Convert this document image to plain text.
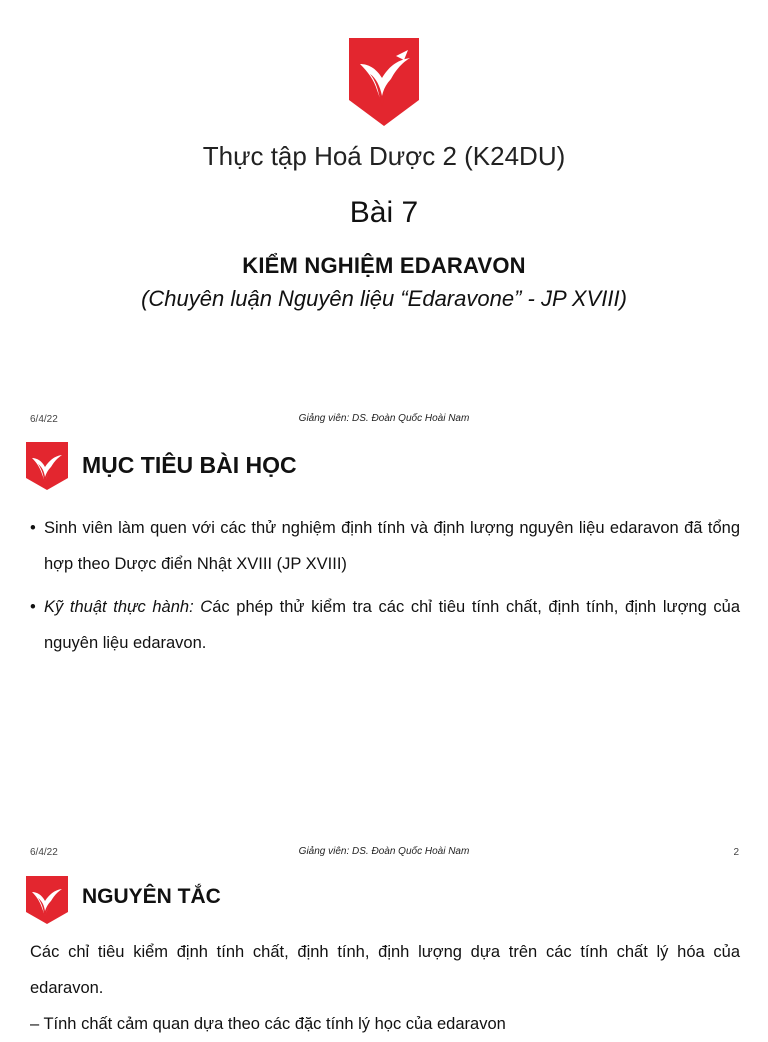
Thực tập Hoá Dược 2 (K24DU)
Bài 7
KIỂM NGHIỆM EDARAVON
(Chuyên luận Nguyên liệu “Edaravone” - JP XVIII)
6/4/22	Giảng viên: DS. Đoàn Quốc Hoài Nam
MỤC TIÊU BÀI HỌC
• Sinh viên làm quen với các thử nghiệm định tính và định lượng nguyên liệu edaravon đã tổng hợp theo Dược điển Nhật XVIII (JP XVIII)
• Kỹ thuật thực hành: Các phép thử kiểm tra các chỉ tiêu tính chất, định tính, định lượng của nguyên liệu edaravon.
6/4/22	Giảng viên: DS. Đoàn Quốc Hoài Nam	2
NGUYÊN TẮC
Các chỉ tiêu kiểm định tính chất, định tính, định lượng dựa trên các tính chất lý hóa của edaravon.
– Tính chất cảm quan dựa theo các đặc tính lý học của edaravon
